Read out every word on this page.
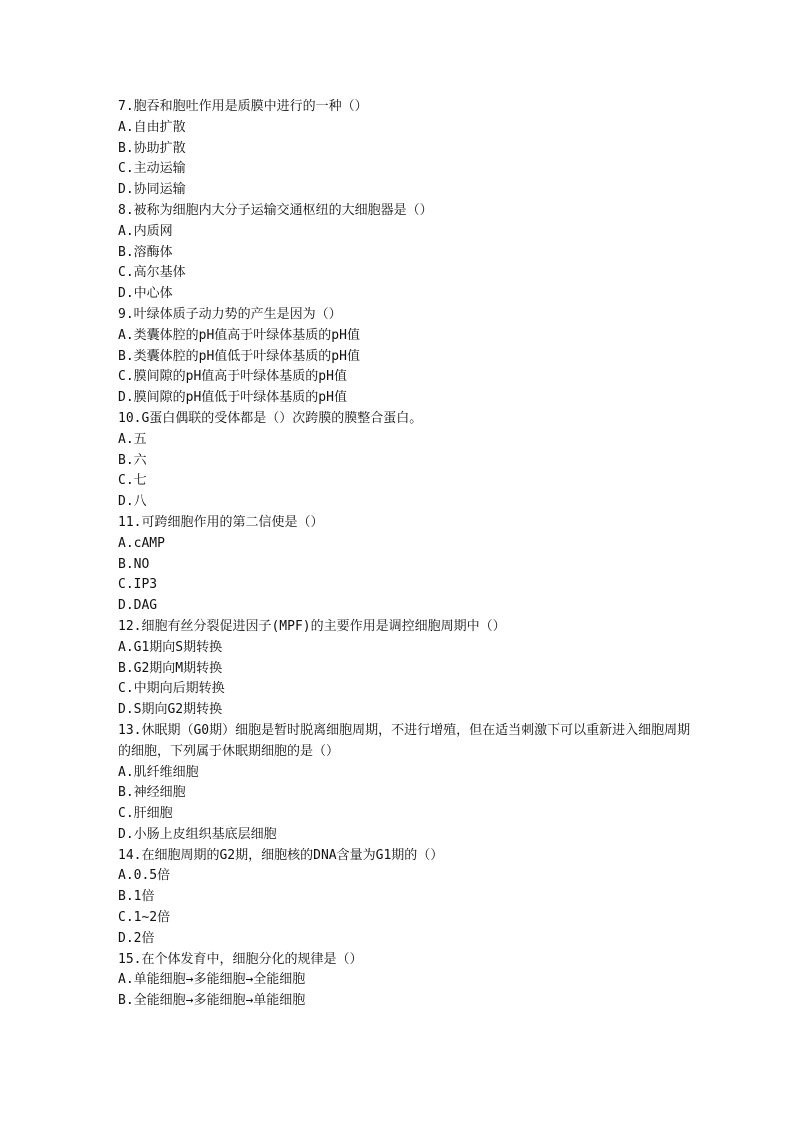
7.胞吞和胞吐作用是质膜中进行的一种（）
A.自由扩散
B.协助扩散
C.主动运输
D.协同运输
8.被称为细胞内大分子运输交通枢纽的大细胞器是（）
A.内质网
B.溶酶体
C.高尔基体
D.中心体
9.叶绿体质子动力势的产生是因为（）
A.类囊体腔的pH值高于叶绿体基质的pH值
B.类囊体腔的pH值低于叶绿体基质的pH值
C.膜间隙的pH值高于叶绿体基质的pH值
D.膜间隙的pH值低于叶绿体基质的pH值
10.G蛋白偶联的受体都是（）次跨膜的膜整合蛋白。
A.五
B.六
C.七
D.八
11.可跨细胞作用的第二信使是（）
A.cAMP
B.NO
C.IP3
D.DAG
12.细胞有丝分裂促进因子(MPF)的主要作用是调控细胞周期中（）
A.G1期向S期转换
B.G2期向M期转换
C.中期向后期转换
D.S期向G2期转换
13.休眠期（G0期）细胞是暂时脱离细胞周期，不进行增殖，但在适当刺激下可以重新进入细胞周期的细胞，下列属于休眠期细胞的是（）
A.肌纤维细胞
B.神经细胞
C.肝细胞
D.小肠上皮组织基底层细胞
14.在细胞周期的G2期，细胞核的DNA含量为G1期的（）
A.0.5倍
B.1倍
C.1~2倍
D.2倍
15.在个体发育中，细胞分化的规律是（）
A.单能细胞→多能细胞→全能细胞
B.全能细胞→多能细胞→单能细胞
